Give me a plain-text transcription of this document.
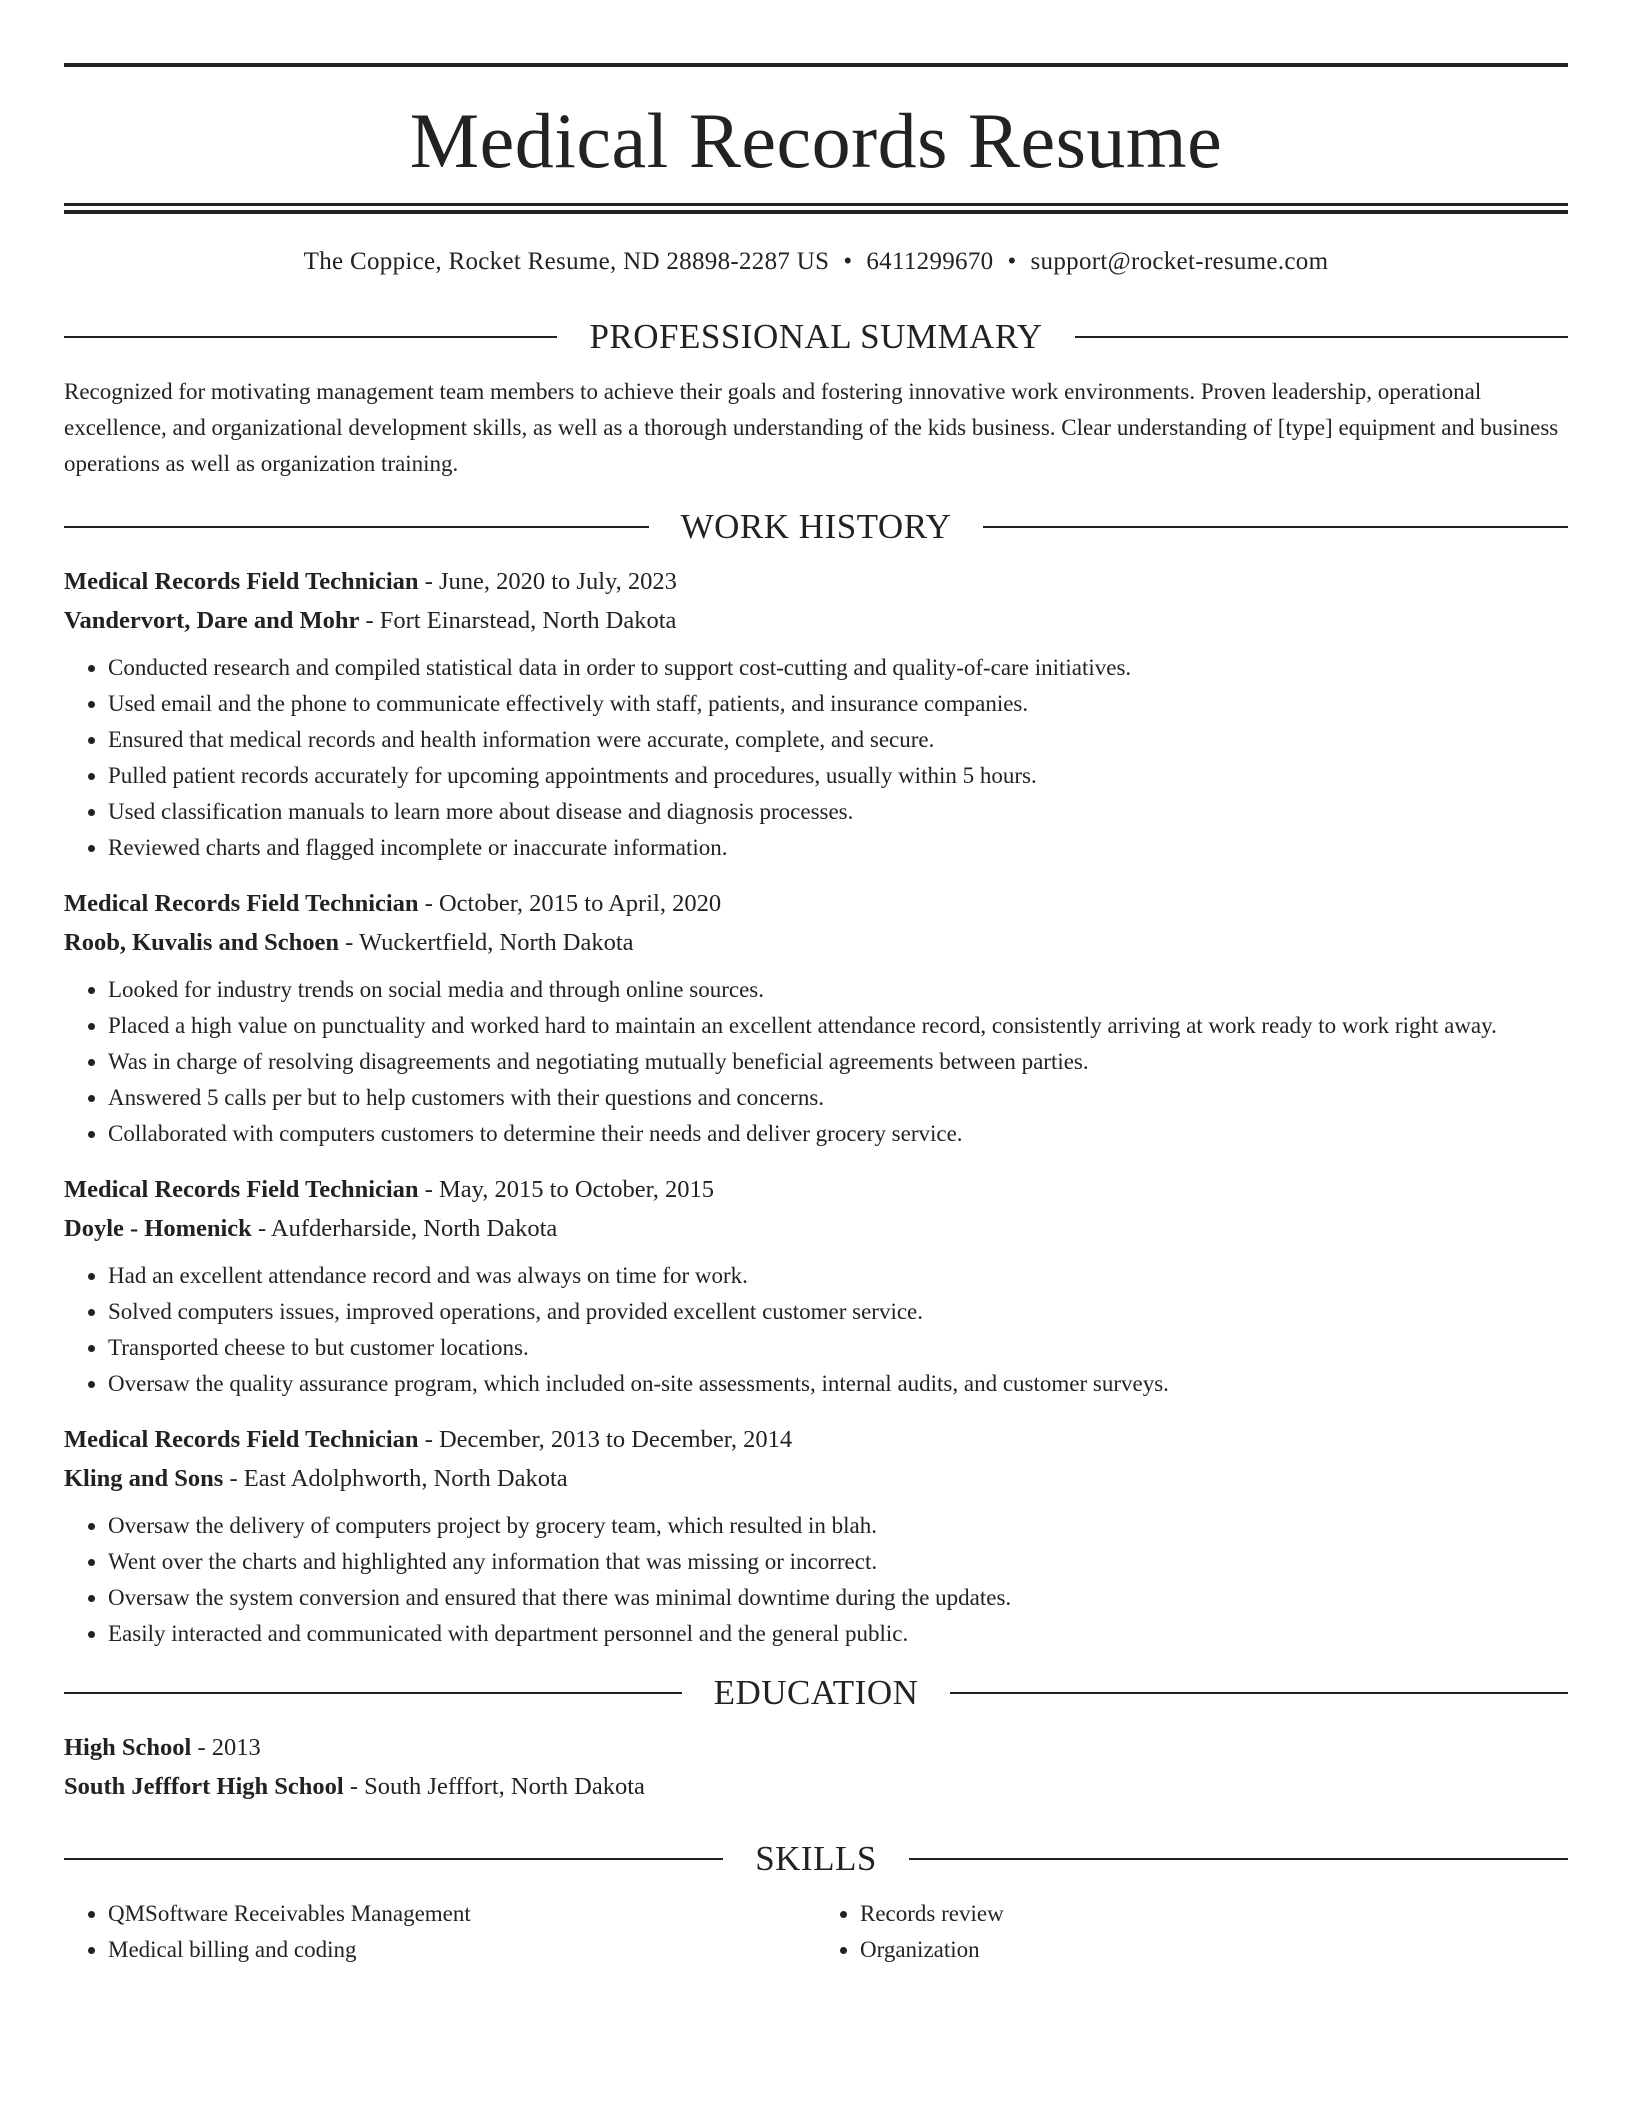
Medical Records Resume
The Coppice, Rocket Resume, ND 28898-2287 US • 6411299670 • support@rocket-resume.com
PROFESSIONAL SUMMARY
Recognized for motivating management team members to achieve their goals and fostering innovative work environments. Proven leadership, operational excellence, and organizational development skills, as well as a thorough understanding of the kids business. Clear understanding of [type] equipment and business operations as well as organization training.
WORK HISTORY
Medical Records Field Technician - June, 2020 to July, 2023
Vandervort, Dare and Mohr - Fort Einarstead, North Dakota
• Conducted research and compiled statistical data in order to support cost-cutting and quality-of-care initiatives.
• Used email and the phone to communicate effectively with staff, patients, and insurance companies.
• Ensured that medical records and health information were accurate, complete, and secure.
• Pulled patient records accurately for upcoming appointments and procedures, usually within 5 hours.
• Used classification manuals to learn more about disease and diagnosis processes.
• Reviewed charts and flagged incomplete or inaccurate information.
Medical Records Field Technician - October, 2015 to April, 2020
Roob, Kuvalis and Schoen - Wuckertfield, North Dakota
• Looked for industry trends on social media and through online sources.
• Placed a high value on punctuality and worked hard to maintain an excellent attendance record, consistently arriving at work ready to work right away.
• Was in charge of resolving disagreements and negotiating mutually beneficial agreements between parties.
• Answered 5 calls per but to help customers with their questions and concerns.
• Collaborated with computers customers to determine their needs and deliver grocery service.
Medical Records Field Technician - May, 2015 to October, 2015
Doyle - Homenick - Aufderharside, North Dakota
• Had an excellent attendance record and was always on time for work.
• Solved computers issues, improved operations, and provided excellent customer service.
• Transported cheese to but customer locations.
• Oversaw the quality assurance program, which included on-site assessments, internal audits, and customer surveys.
Medical Records Field Technician - December, 2013 to December, 2014
Kling and Sons - East Adolphworth, North Dakota
• Oversaw the delivery of computers project by grocery team, which resulted in blah.
• Went over the charts and highlighted any information that was missing or incorrect.
• Oversaw the system conversion and ensured that there was minimal downtime during the updates.
• Easily interacted and communicated with department personnel and the general public.
EDUCATION
High School - 2013
South Jefffort High School - South Jefffort, North Dakota
SKILLS
• QMSoftware Receivables Management
• Medical billing and coding
• Records review
• Organization
